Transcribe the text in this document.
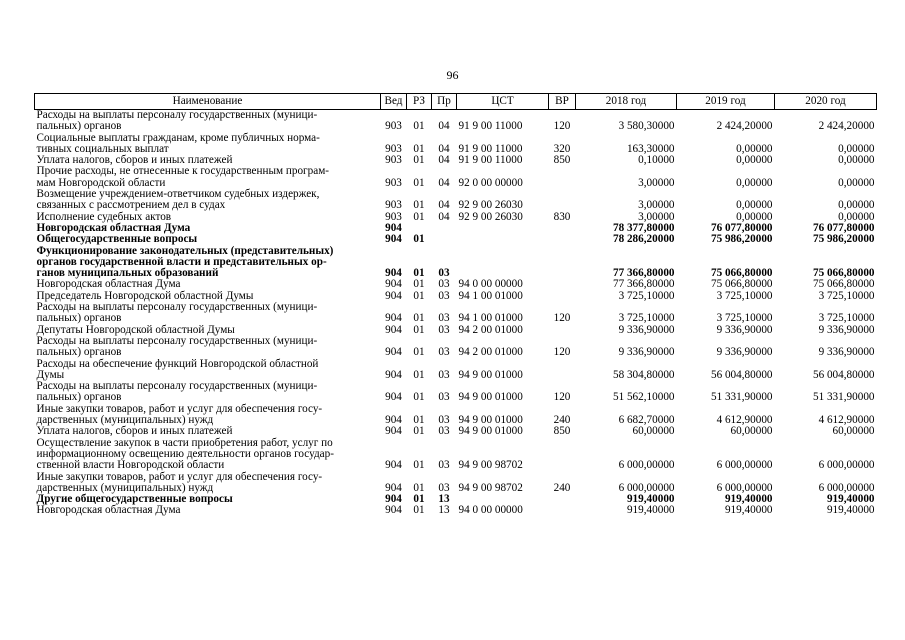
96
Наименование	Вед	РЗ	Пр	ЦСТ	ВР	2018 год	2019 год	2020 год
Расходы на выплаты персоналу государственных (муници-
пальных) органов	903	01	04	91 9 00 11000	120	3 580,30000	2 424,20000	2 424,20000
Социальные выплаты гражданам, кроме публичных норма-
тивных социальных выплат	903	01	04	91 9 00 11000	320	163,30000	0,00000	0,00000
Уплата налогов, сборов и иных платежей	903	01	04	91 9 00 11000	850	0,10000	0,00000	0,00000
Прочие расходы, не отнесенные к государственным програм-
мам Новгородской области	903	01	04	92 0 00 00000		3,00000	0,00000	0,00000
Возмещение учреждением-ответчиком судебных издержек,
связанных с рассмотрением дел в судах	903	01	04	92 9 00 26030		3,00000	0,00000	0,00000
Исполнение судебных актов	903	01	04	92 9 00 26030	830	3,00000	0,00000	0,00000
Новгородская областная Дума	904					78 377,80000	76 077,80000	76 077,80000
Общегосударственные вопросы	904	01				78 286,20000	75 986,20000	75 986,20000
Функционирование законодательных (представительных)
органов государственной власти и представительных ор-
ганов муниципальных образований	904	01	03			77 366,80000	75 066,80000	75 066,80000
Новгородская областная Дума	904	01	03	94 0 00 00000		77 366,80000	75 066,80000	75 066,80000
Председатель Новгородской областной Думы	904	01	03	94 1 00 01000		3 725,10000	3 725,10000	3 725,10000
Расходы на выплаты персоналу государственных (муници-
пальных) органов	904	01	03	94 1 00 01000	120	3 725,10000	3 725,10000	3 725,10000
Депутаты Новгородской областной Думы	904	01	03	94 2 00 01000		9 336,90000	9 336,90000	9 336,90000
Расходы на выплаты персоналу государственных (муници-
пальных) органов	904	01	03	94 2 00 01000	120	9 336,90000	9 336,90000	9 336,90000
Расходы на обеспечение функций Новгородской областной
Думы	904	01	03	94 9 00 01000		58 304,80000	56 004,80000	56 004,80000
Расходы на выплаты персоналу государственных (муници-
пальных) органов	904	01	03	94 9 00 01000	120	51 562,10000	51 331,90000	51 331,90000
Иные закупки товаров, работ и услуг для обеспечения госу-
дарственных (муниципальных) нужд	904	01	03	94 9 00 01000	240	6 682,70000	4 612,90000	4 612,90000
Уплата налогов, сборов и иных платежей	904	01	03	94 9 00 01000	850	60,00000	60,00000	60,00000
Осуществление закупок в части приобретения работ, услуг по
информационному освещению деятельности органов государ-
ственной власти Новгородской области	904	01	03	94 9 00 98702		6 000,00000	6 000,00000	6 000,00000
Иные закупки товаров, работ и услуг для обеспечения госу-
дарственных (муниципальных) нужд	904	01	03	94 9 00 98702	240	6 000,00000	6 000,00000	6 000,00000
Другие общегосударственные вопросы	904	01	13			919,40000	919,40000	919,40000
Новгородская областная Дума	904	01	13	94 0 00 00000		919,40000	919,40000	919,40000
